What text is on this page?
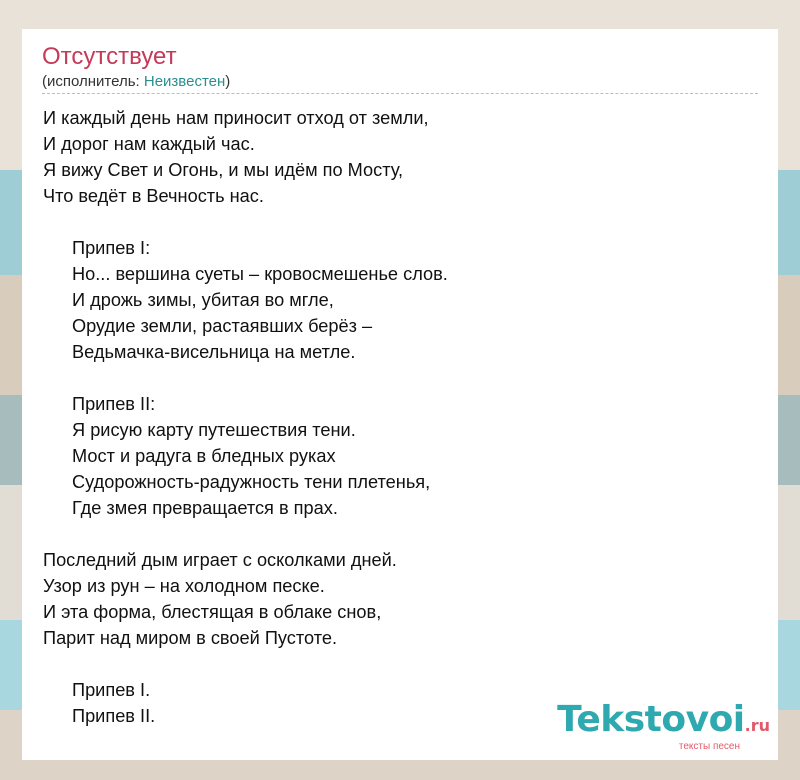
Отсутствует
(исполнитель: Неизвестен)
И каждый день нам приносит отход от земли,
И дорог нам каждый час.
Я вижу Свет и Огонь, и мы идём по Мосту,
Что ведёт в Вечность нас.
Припев I:
Но... вершина суеты – кровосмешенье слов.
И дрожь зимы, убитая во мгле,
Орудие земли, растаявших берёз –
Ведьмачка-висельница на метле.
Припев II:
Я рисую карту путешествия тени.
Мост и радуга в бледных руках
Судорожность-радужность тени плетенья,
Где змея превращается в прах.
Последний дым играет с осколками дней.
Узор из рун – на холодном песке.
И эта форма, блестящая в облаке снов,
Парит над миром в своей Пустоте.
Припев I.
Припев II.	Tekstovoi.ru
тексты песен
